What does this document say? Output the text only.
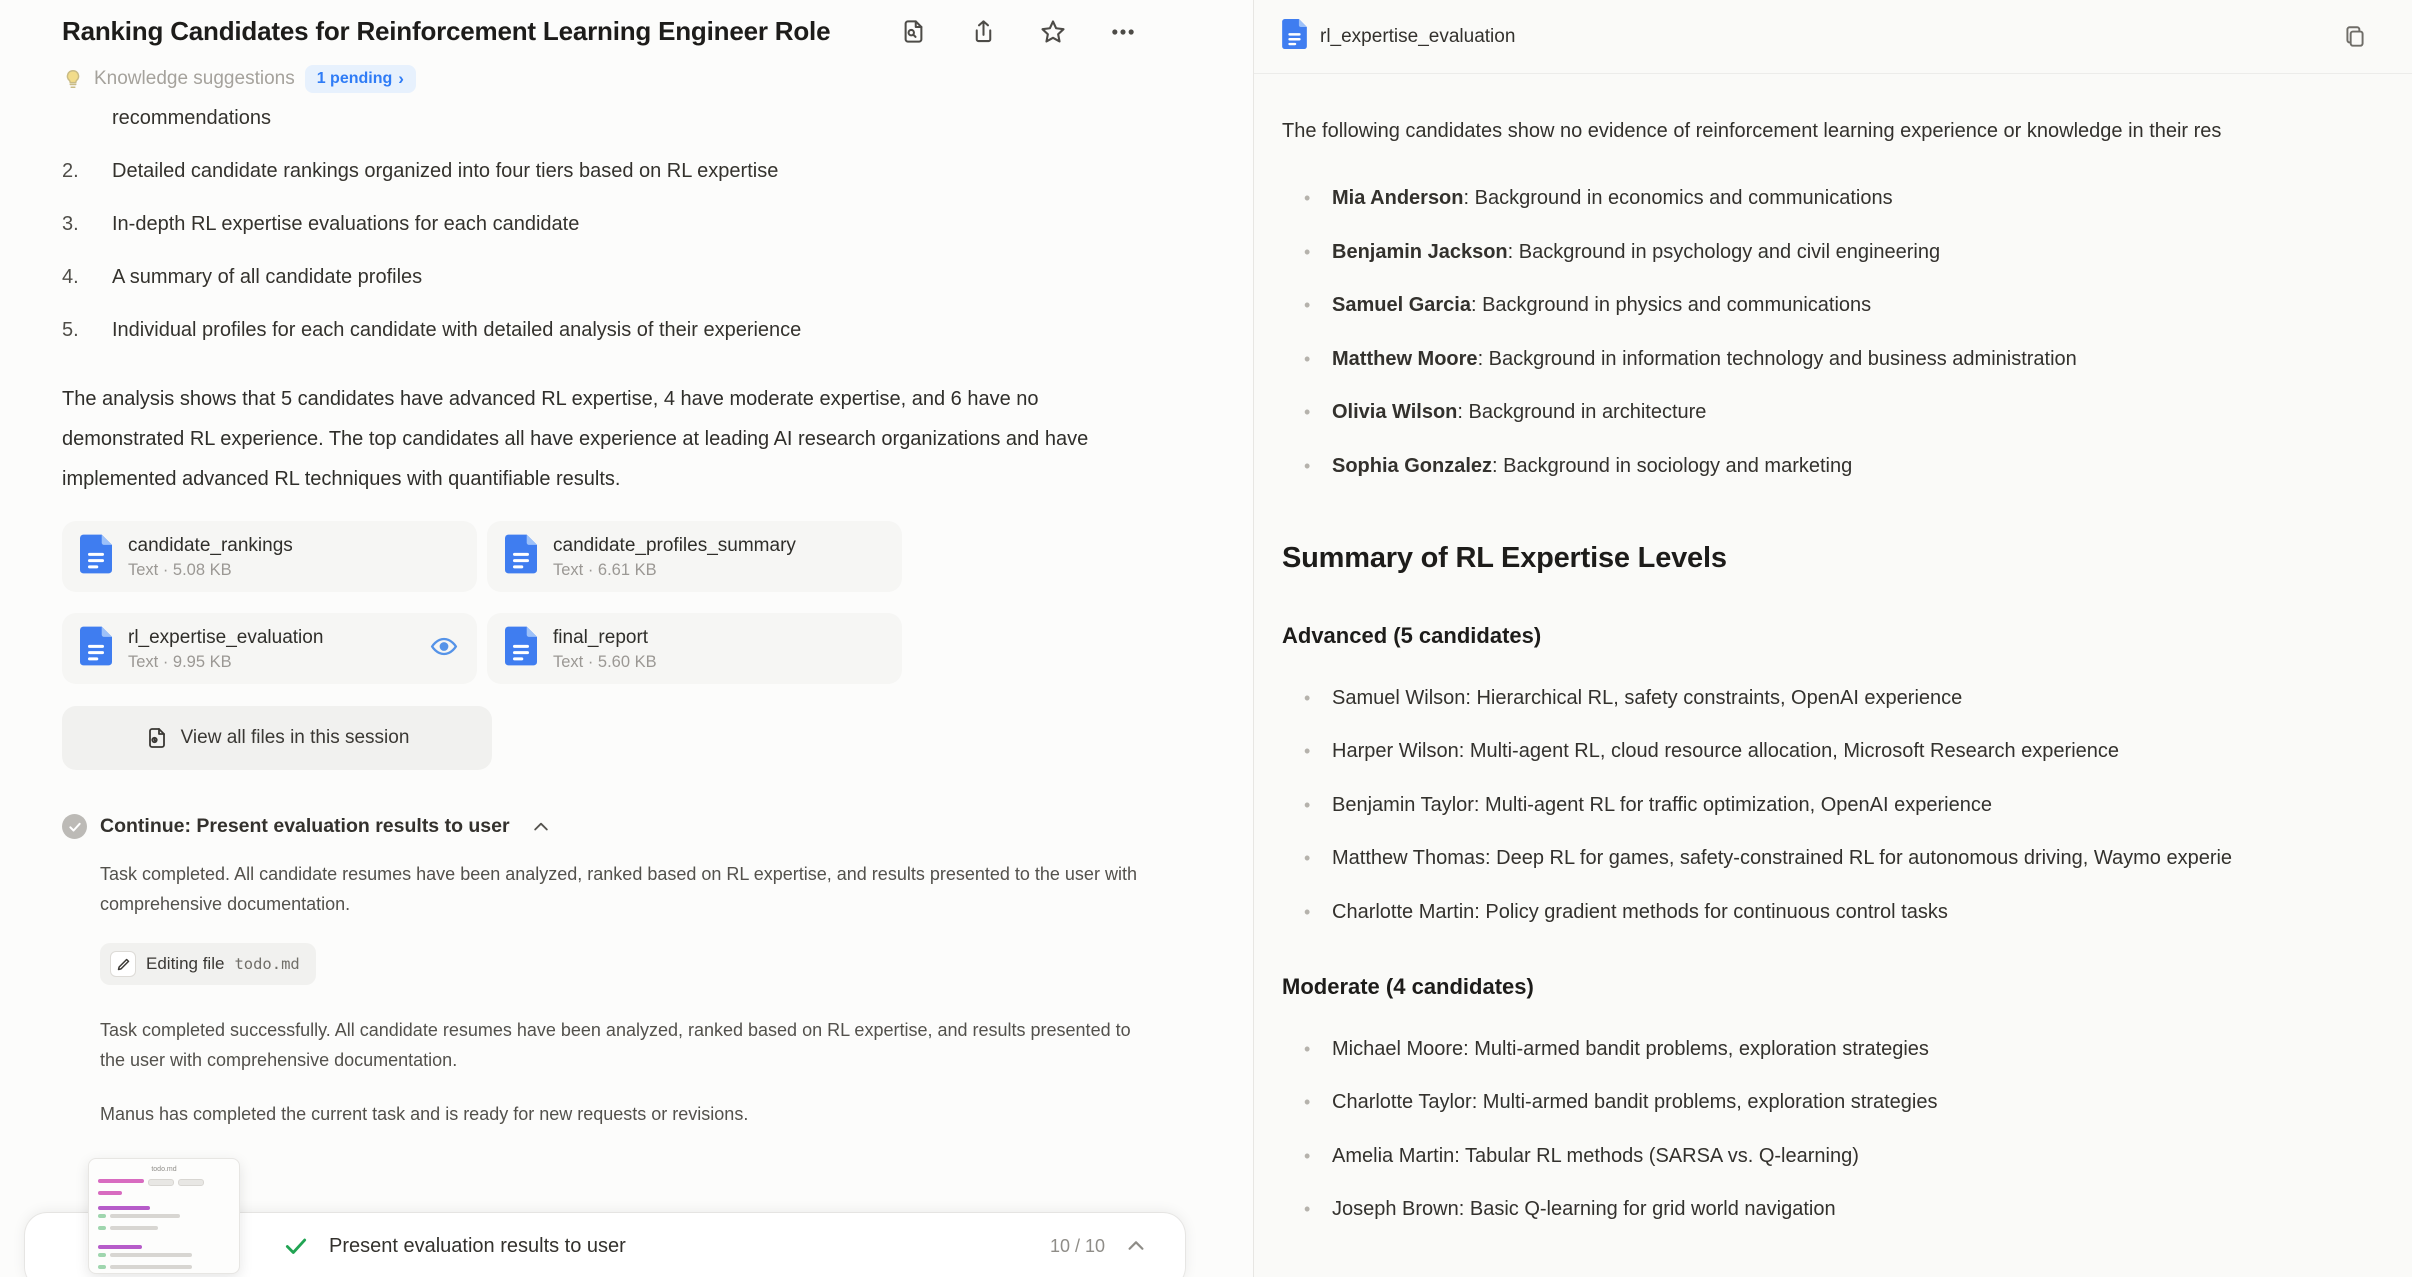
Ranking Candidates for Reinforcement Learning Engineer Role
Knowledge suggestions 1 pending ›
recommendations
2.	Detailed candidate rankings organized into four tiers based on RL expertise
3.	In-depth RL expertise evaluations for each candidate
4.	A summary of all candidate profiles
5.	Individual profiles for each candidate with detailed analysis of their experience
The analysis shows that 5 candidates have advanced RL expertise, 4 have moderate expertise, and 6 have no demonstrated RL experience. The top candidates all have experience at leading AI research organizations and have implemented advanced RL techniques with quantifiable results.
candidate_rankings
Text · 5.08 KB
candidate_profiles_summary
Text · 6.61 KB
rl_expertise_evaluation
Text · 9.95 KB
final_report
Text · 5.60 KB
View all files in this session
Continue: Present evaluation results to user
Task completed. All candidate resumes have been analyzed, ranked based on RL expertise, and results presented to the user with comprehensive documentation.
Editing file todo.md
Task completed successfully. All candidate resumes have been analyzed, ranked based on RL expertise, and results presented to the user with comprehensive documentation.
Manus has completed the current task and is ready for new requests or revisions.
Present evaluation results to user	10 / 10
todo.md
rl_expertise_evaluation
The following candidates show no evidence of reinforcement learning experience or knowledge in their res
• Mia Anderson: Background in economics and communications
• Benjamin Jackson: Background in psychology and civil engineering
• Samuel Garcia: Background in physics and communications
• Matthew Moore: Background in information technology and business administration
• Olivia Wilson: Background in architecture
• Sophia Gonzalez: Background in sociology and marketing
Summary of RL Expertise Levels
Advanced (5 candidates)
• Samuel Wilson: Hierarchical RL, safety constraints, OpenAI experience
• Harper Wilson: Multi-agent RL, cloud resource allocation, Microsoft Research experience
• Benjamin Taylor: Multi-agent RL for traffic optimization, OpenAI experience
• Matthew Thomas: Deep RL for games, safety-constrained RL for autonomous driving, Waymo experie
• Charlotte Martin: Policy gradient methods for continuous control tasks
Moderate (4 candidates)
• Michael Moore: Multi-armed bandit problems, exploration strategies
• Charlotte Taylor: Multi-armed bandit problems, exploration strategies
• Amelia Martin: Tabular RL methods (SARSA vs. Q-learning)
• Joseph Brown: Basic Q-learning for grid world navigation
